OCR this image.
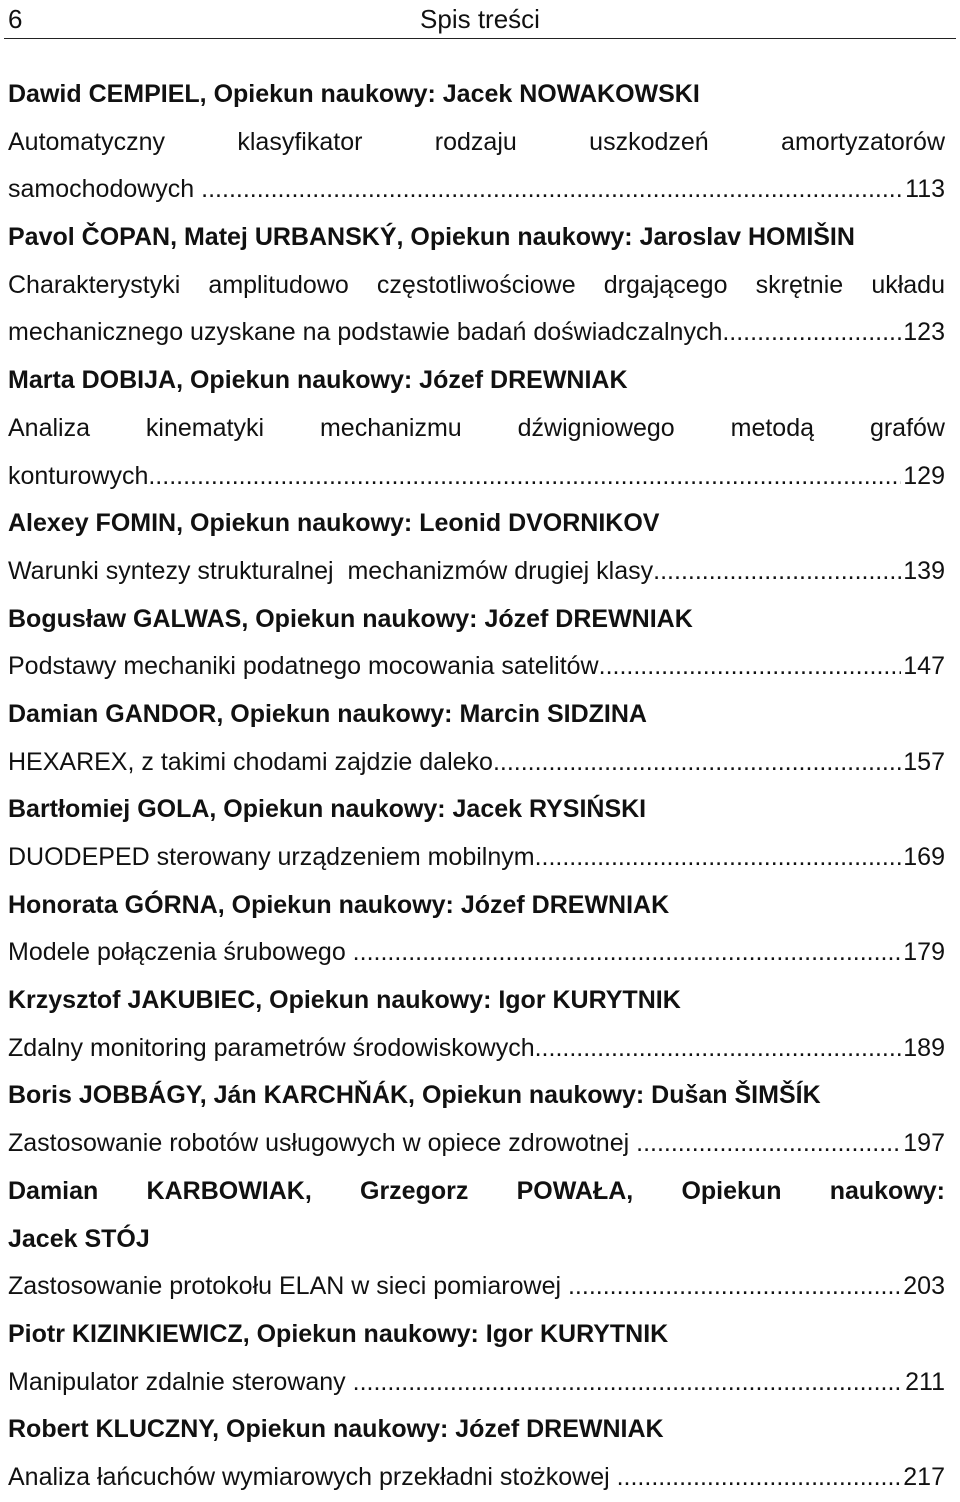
6	Spis treści
Dawid CEMPIEL, Opiekun naukowy: Jacek NOWAKOWSKI
Automatyczny klasyfikator rodzaju uszkodzeń amortyzatorów
samochodowych .....	113
Pavol ČOPAN, Matej URBANSKÝ, Opiekun naukowy: Jaroslav HOMIŠIN
Charakterystyki amplitudowo częstotliwościowe drgającego skrętnie układu
mechanicznego uzyskane na podstawie badań doświadczalnych .....	123
Marta DOBIJA, Opiekun naukowy: Józef DREWNIAK
Analiza kinematyki mechanizmu dźwigniowego metodą grafów
konturowych .....	129
Alexey FOMIN, Opiekun naukowy: Leonid DVORNIKOV
Warunki syntezy strukturalnej  mechanizmów drugiej klasy .....	139
Bogusław GALWAS, Opiekun naukowy: Józef DREWNIAK
Podstawy mechaniki podatnego mocowania satelitów .....	147
Damian GANDOR, Opiekun naukowy: Marcin SIDZINA
HEXAREX, z takimi chodami zajdzie daleko .....	157
Bartłomiej GOLA, Opiekun naukowy: Jacek RYSIŃSKI
DUODEPED sterowany urządzeniem mobilnym .....	169
Honorata GÓRNA, Opiekun naukowy: Józef DREWNIAK
Modele połączenia śrubowego .....	179
Krzysztof JAKUBIEC, Opiekun naukowy: Igor KURYTNIK
Zdalny monitoring parametrów środowiskowych .....	189
Boris JOBBÁGY, Ján KARCHŇÁK, Opiekun naukowy: Dušan ŠIMŠÍK
Zastosowanie robotów usługowych w opiece zdrowotnej .....	197
Damian KARBOWIAK, Grzegorz POWAŁA, Opiekun naukowy:
Jacek STÓJ
Zastosowanie protokołu ELAN w sieci pomiarowej .....	203
Piotr KIZINKIEWICZ, Opiekun naukowy: Igor KURYTNIK
Manipulator zdalnie sterowany .....	211
Robert KLUCZNY, Opiekun naukowy: Józef DREWNIAK
Analiza łańcuchów wymiarowych przekładni stożkowej .....	217
